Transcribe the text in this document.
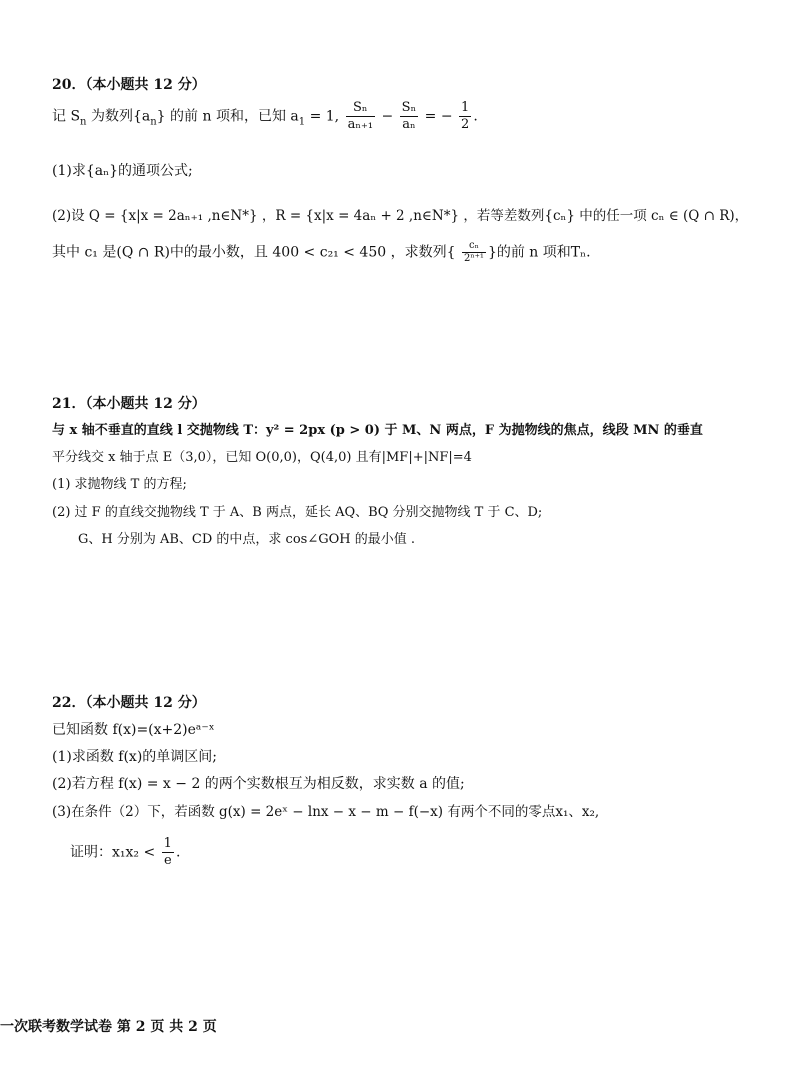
20．（本小题共 12 分）
记 $S_n$ 为数列$\{a_n\}$ 的前 n 项和，已知 $a_1 = 1$, $\frac{\text{Sₙ}}{\text{aₙ₊₁}} - \frac{\text{Sₙ}}{\text{aₙ}}$ = − $\frac{1}{2}$ .
(1)求{aₙ}的通项公式;
(2)设 Q = {x|x = 2aₙ₊₁ ,n∈N*} ，R = {x|x = 4aₙ + 2 ,n∈N*} ，若等差数列{cₙ} 中的任一项 cₙ ∈ (Q ∩ R)，
其中 c₁ 是(Q ∩ R)中的最小数，且 400 < c₂₁ < 450 ，求数列{ $\frac{\text{cₙ}}{\text{2ⁿ⁺¹}}$ }的前 n 项和Tₙ.
21．（本小题共 12 分）
与 x 轴不垂直的直线 l 交抛物线 T：y² = 2px (p > 0) 于 M、N 两点，F 为抛物线的焦点，线段 MN 的垂直
平分线交 x 轴于点 E（3,0），已知 O(0,0)，Q(4,0) 且有|MF|+|NF|=4
(1) 求抛物线 T 的方程;
(2) 过 F 的直线交抛物线 T 于 A、B 两点，延长 AQ、BQ 分别交抛物线 T 于 C、D;
G、H 分别为 AB、CD 的中点，求 cos∠GOH 的最小值 .
22．（本小题共 12 分）
已知函数 f(x)=(x+2)eᵃ⁻ˣ
(1)求函数 f(x)的单调区间;
(2)若方程 f(x) = x − 2 的两个实数根互为相反数，求实数 a 的值;
(3)在条件（2）下，若函数 g(x) = 2eˣ − lnx − x − m − f(−x) 有两个不同的零点x₁、x₂,
证明：$x_1x_2 < \frac{1}{e}$ .
一次联考数学试卷 第 2 页 共 2 页
